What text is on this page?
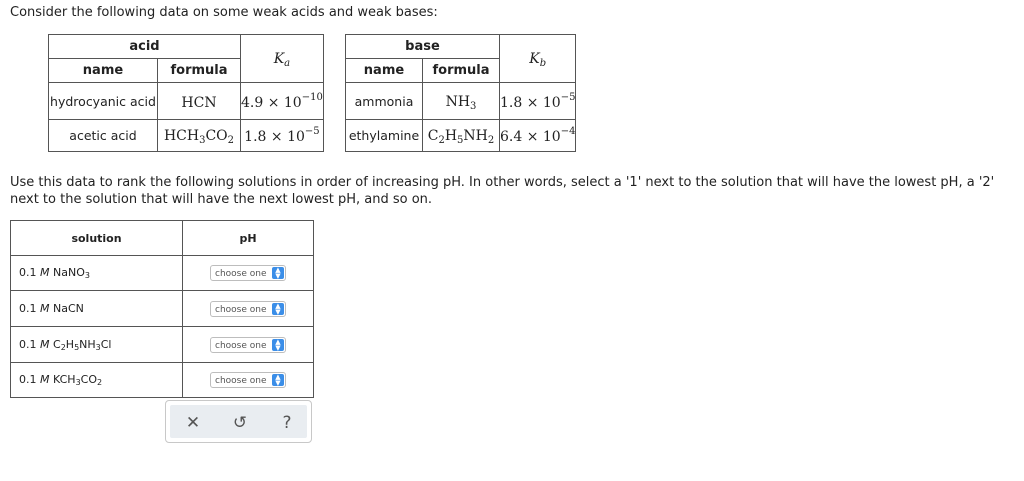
Consider the following data on some weak acids and weak bases:
acid		$K_a$
name	formula	
hydrocyanic acid	HCN	$4.9 \times 10^{-10}$
acetic acid	$HCH_3CO_2$	$1.8 \times 10^{-5}$
base		$K_b$
name	formula	
ammonia	$NH_3$	$1.8 \times 10^{-5}$
ethylamine	$C_2H_5NH_2$	$6.4 \times 10^{-4}$
Use this data to rank the following solutions in order of increasing pH. In other words, select a '1' next to the solution that will have the lowest pH, a '2' next to the solution that will have the next lowest pH, and so on.
solution	pH
0.1 M NaNO$_3$	choose one ▲
▼

0.1 M NaCN	choose one ▲
▼

0.1 M $C_2H_5NH_3Cl$	choose one ▲
▼

0.1 M $KCH_3CO_2$	choose one ▲
▼
✕	↺	?
